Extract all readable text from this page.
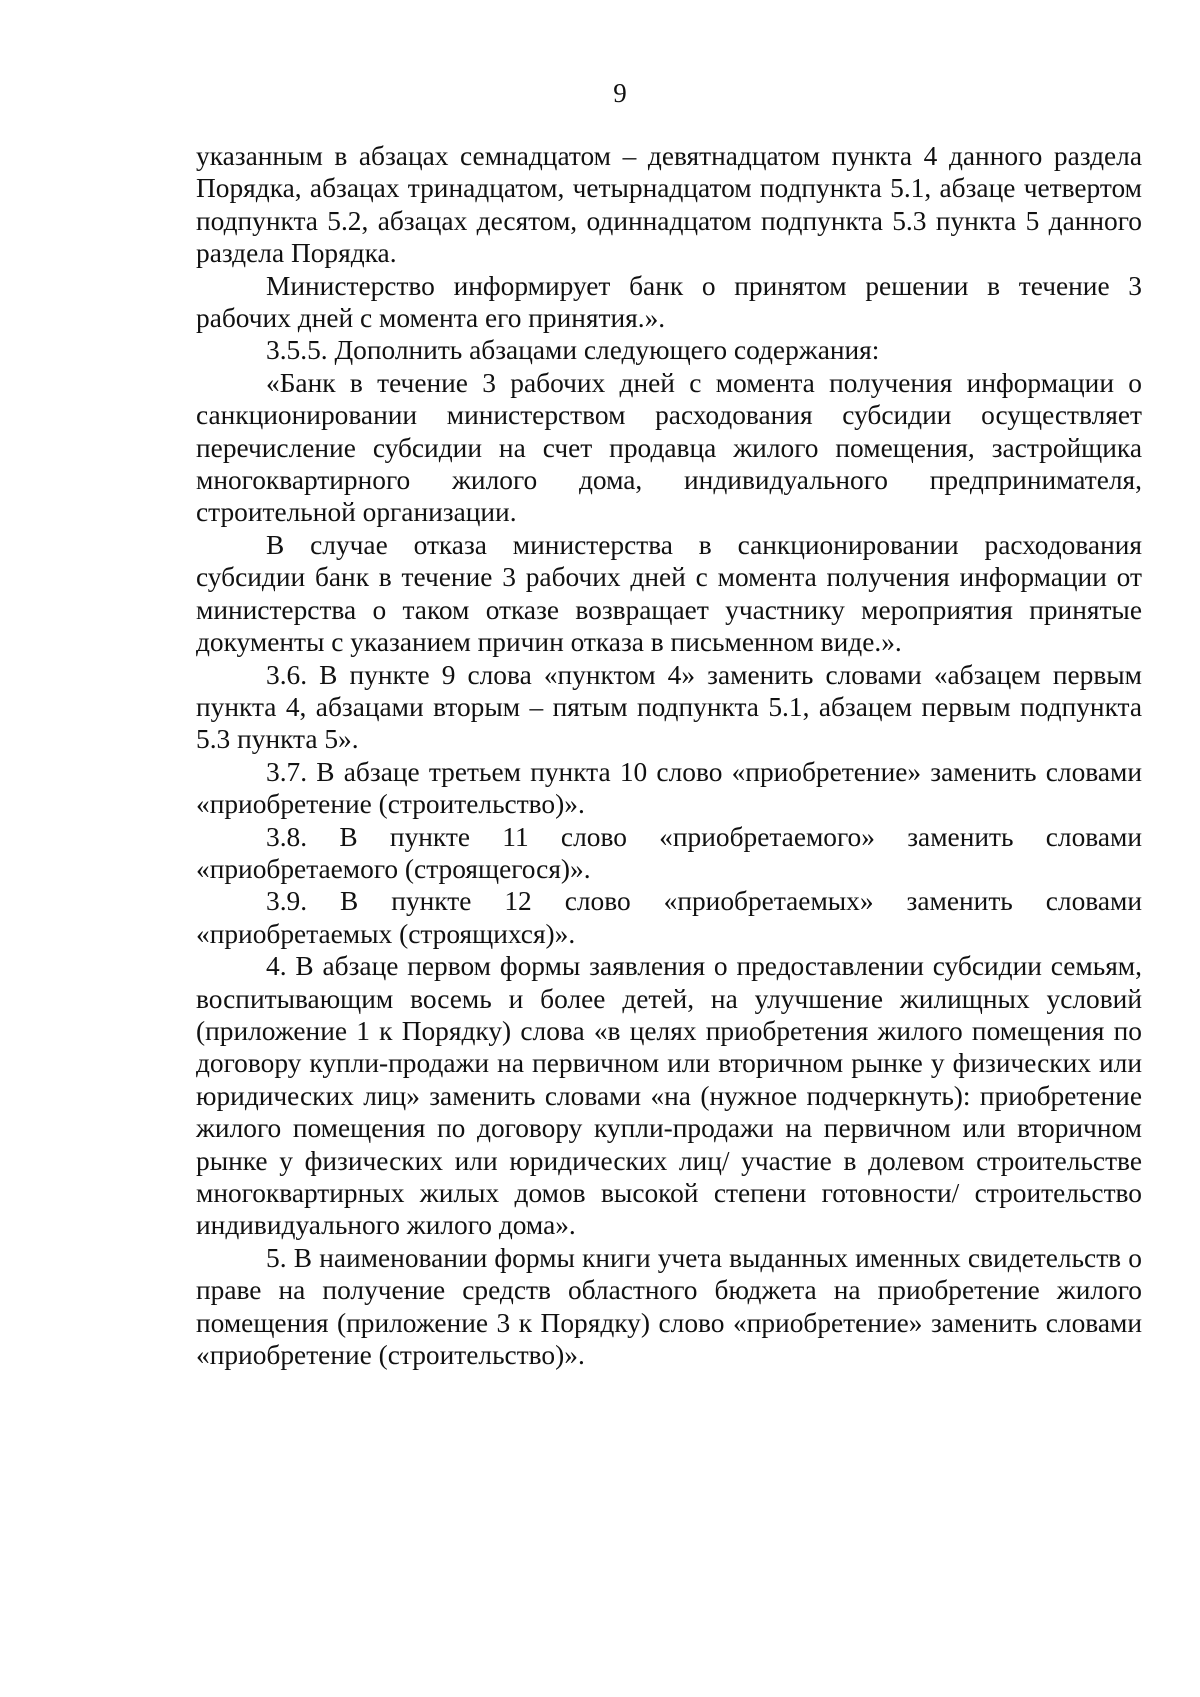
9

указанным в абзацах семнадцатом – девятнадцатом пункта 4 данного раздела Порядка, абзацах тринадцатом, четырнадцатом подпункта 5.1, абзаце четвертом подпункта 5.2, абзацах десятом, одиннадцатом подпункта 5.3 пункта 5 данного раздела Порядка.

Министерство информирует банк о принятом решении в течение 3 рабочих дней с момента его принятия.».

3.5.5. Дополнить абзацами следующего содержания:

«Банк в течение 3 рабочих дней с момента получения информации о санкционировании министерством расходования субсидии осуществляет перечисление субсидии на счет продавца жилого помещения, застройщика многоквартирного жилого дома, индивидуального предпринимателя, строительной организации.

В случае отказа министерства в санкционировании расходования субсидии банк в течение 3 рабочих дней с момента получения информации от министерства о таком отказе возвращает участнику мероприятия принятые документы с указанием причин отказа в письменном виде.».

3.6. В пункте 9 слова «пунктом 4» заменить словами «абзацем первым пункта 4, абзацами вторым – пятым подпункта 5.1, абзацем первым подпункта 5.3 пункта 5».

3.7. В абзаце третьем пункта 10 слово «приобретение» заменить словами «приобретение (строительство)».

3.8. В пункте 11 слово «приобретаемого» заменить словами «приобретаемого (строящегося)».

3.9. В пункте 12 слово «приобретаемых» заменить словами «приобретаемых (строящихся)».

4. В абзаце первом формы заявления о предоставлении субсидии семьям, воспитывающим восемь и более детей, на улучшение жилищных условий (приложение 1 к Порядку) слова «в целях приобретения жилого помещения по договору купли-продажи на первичном или вторичном рынке у физических или юридических лиц» заменить словами «на (нужное подчеркнуть): приобретение жилого помещения по договору купли-продажи на первичном или вторичном рынке у физических или юридических лиц/ участие в долевом строительстве многоквартирных жилых домов высокой степени готовности/ строительство индивидуального жилого дома».

5. В наименовании формы книги учета выданных именных свидетельств о праве на получение средств областного бюджета на приобретение жилого помещения (приложение 3 к Порядку) слово «приобретение» заменить словами «приобретение (строительство)».
